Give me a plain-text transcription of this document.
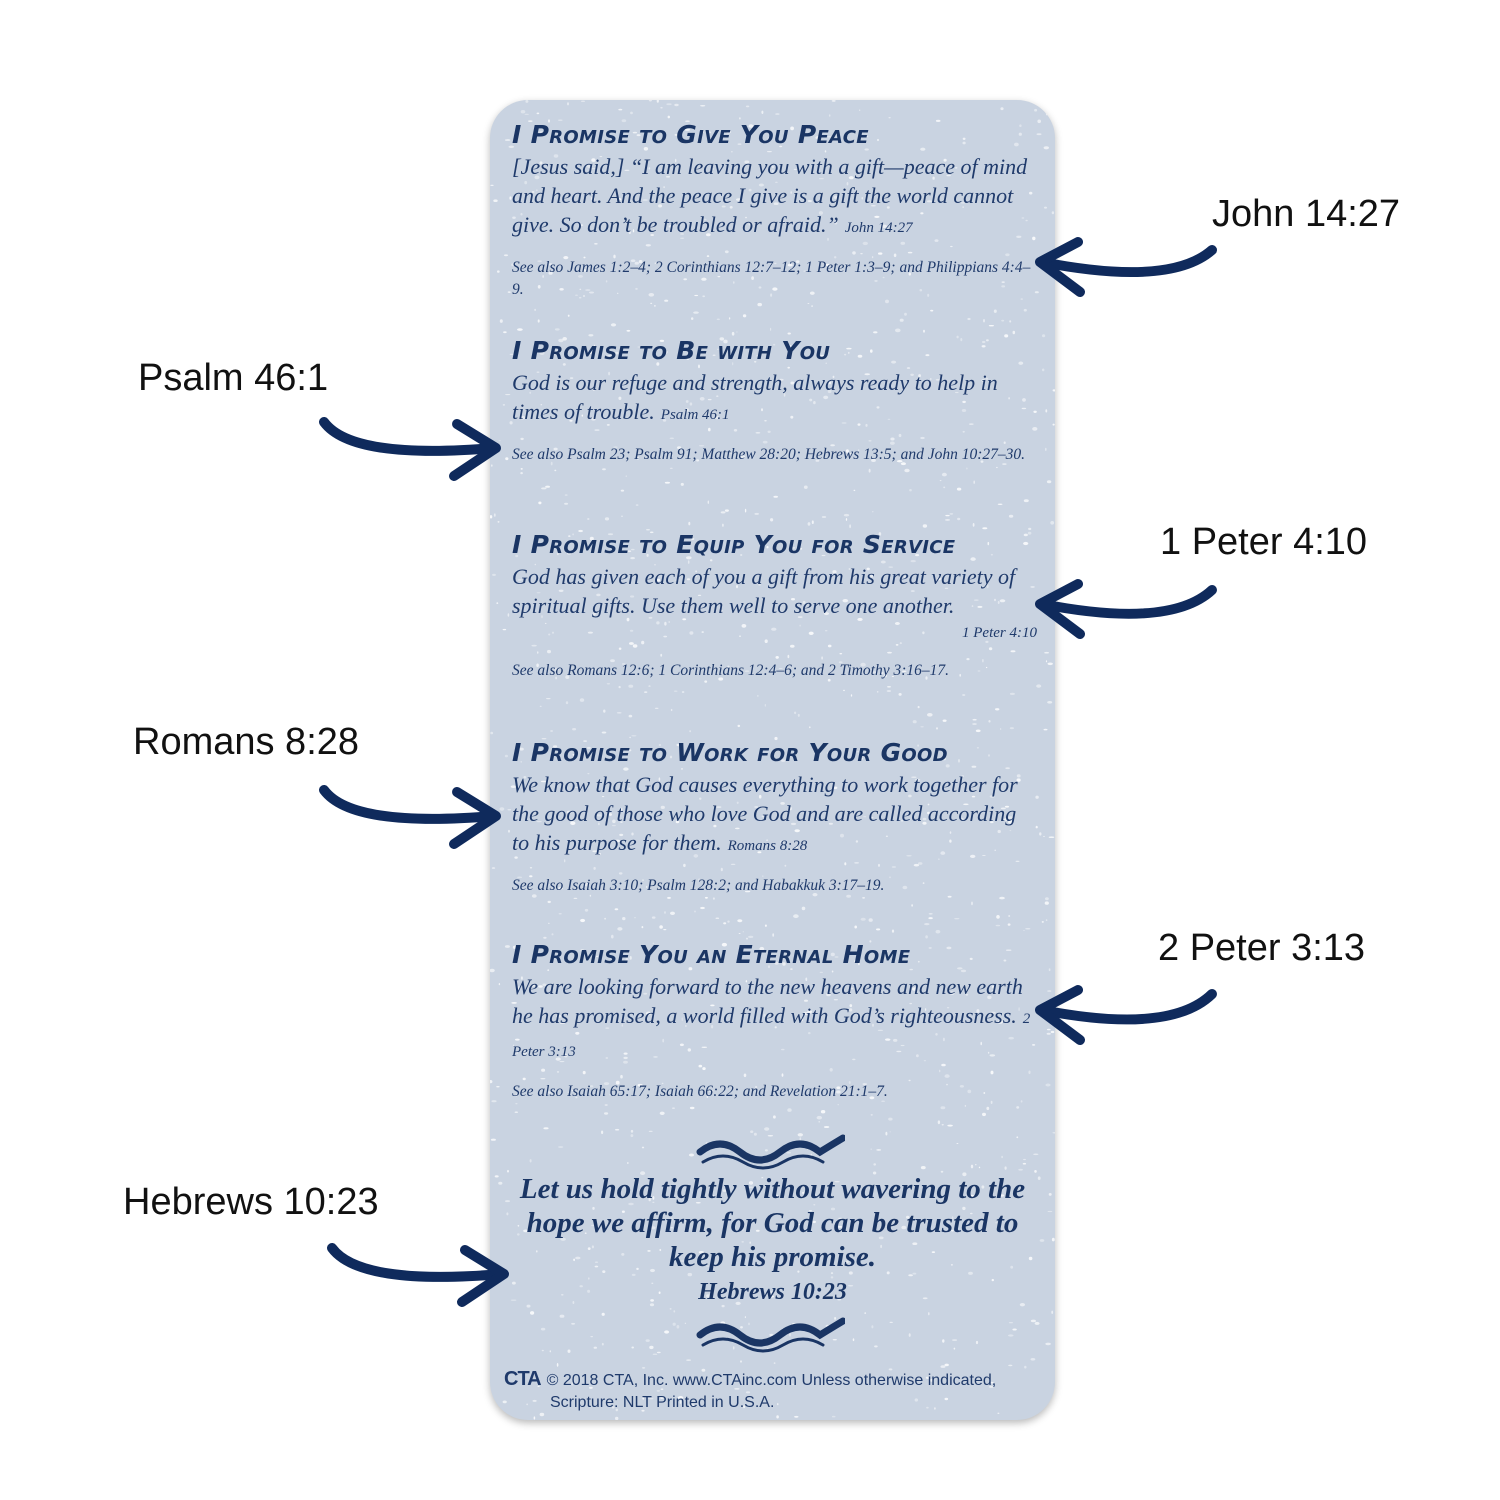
I Promise to Give You Peace
[Jesus said,] “I am leaving you with a gift—peace of mind and heart. And the peace I give is a gift the world cannot give. So don’t be troubled or afraid.” John 14:27
See also James 1:2–4; 2 Corinthians 12:7–12; 1 Peter 1:3–9; and Philippians 4:4–9.
I Promise to Be with You
God is our refuge and strength, always ready to help in times of trouble. Psalm 46:1
See also Psalm 23; Psalm 91; Matthew 28:20; Hebrews 13:5; and John 10:27–30.
I Promise to Equip You for Service
God has given each of you a gift from his great variety of spiritual gifts. Use them well to serve one another.
1 Peter 4:10
See also Romans 12:6; 1 Corinthians 12:4–6; and 2 Timothy 3:16–17.
I Promise to Work for Your Good
We know that God causes everything to work together for the good of those who love God and are called according to his purpose for them. Romans 8:28
See also Isaiah 3:10; Psalm 128:2; and Habakkuk 3:17–19.
I Promise You an Eternal Home
We are looking forward to the new heavens and new earth he has promised, a world filled with God’s righteousness. 2 Peter 3:13
See also Isaiah 65:17; Isaiah 66:22; and Revelation 21:1–7.
Let us hold tightly without wavering to the hope we affirm, for God can be trusted to keep his promise.
Hebrews 10:23
CTA © 2018 CTA, Inc. www.CTAinc.com Unless otherwise indicated,
Scripture: NLT Printed in U.S.A.
John 14:27
Psalm 46:1
1 Peter 4:10
Romans 8:28
2 Peter 3:13
Hebrews 10:23
